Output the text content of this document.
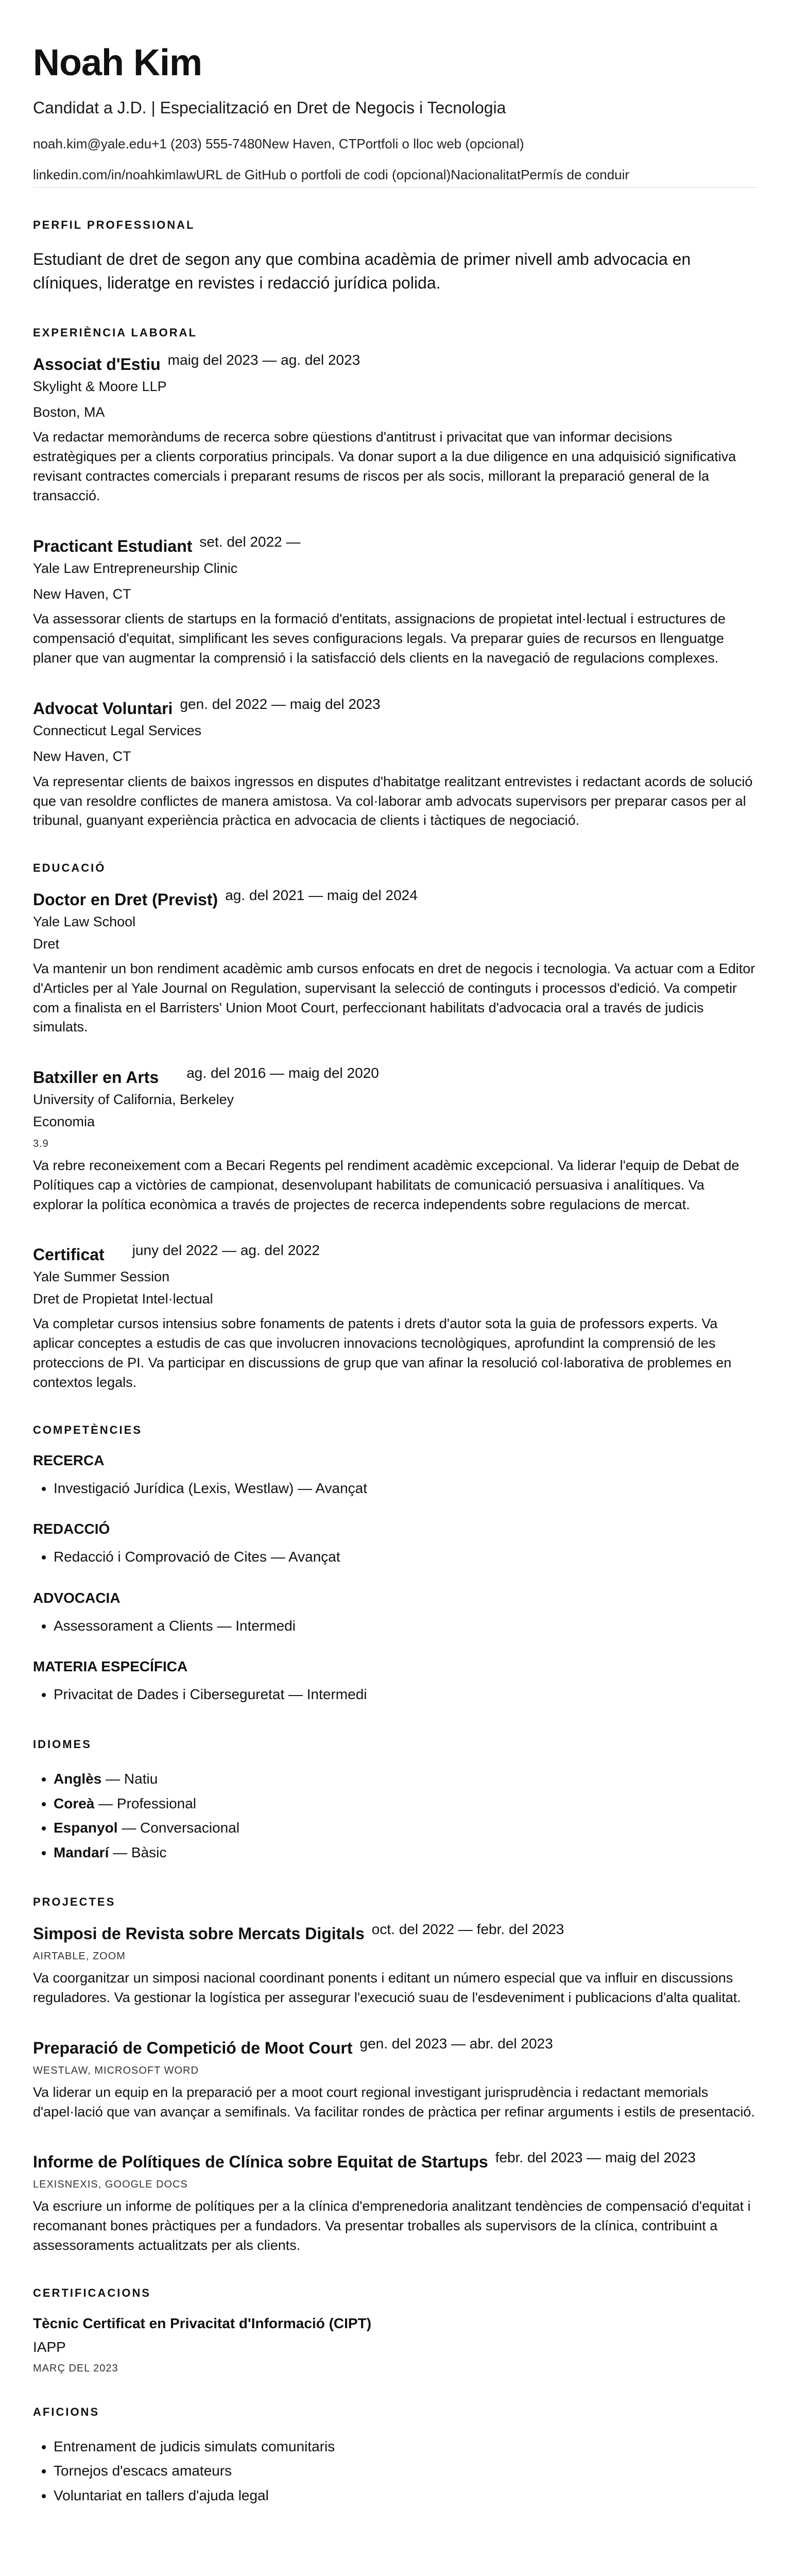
Noah Kim
Candidat a J.D. | Especialització en Dret de Negocis i Tecnologia
noah.kim@yale.edu +1 (203) 555-7480 New Haven, CT Portfoli o lloc web (opcional)
linkedin.com/in/noahkimlaw URL de GitHub o portfoli de codi (opcional) Nacionalitat Permís de conduir
PERFIL PROFESSIONAL

Estudiant de dret de segon any que combina acadèmia de primer nivell amb advocacia en clíniques, lideratge en revistes i redacció jurídica polida.

EXPERIÈNCIA LABORAL
Associat d'Estiu maig del 2023 — ag. del 2023
Skylight & Moore LLP
Boston, MA
Va redactar memoràndums de recerca sobre qüestions d'antitrust i privacitat que van informar decisions estratègiques per a clients corporatius principals. Va donar suport a la due diligence en una adquisició significativa revisant contractes comercials i preparant resums de riscos per als socis, millorant la preparació general de la transacció.
Practicant Estudiant set. del 2022 —
Yale Law Entrepreneurship Clinic
New Haven, CT
Va assessorar clients de startups en la formació d'entitats, assignacions de propietat intel·lectual i estructures de compensació d'equitat, simplificant les seves configuracions legals. Va preparar guies de recursos en llenguatge planer que van augmentar la comprensió i la satisfacció dels clients en la navegació de regulacions complexes.
Advocat Voluntari gen. del 2022 — maig del 2023
Connecticut Legal Services
New Haven, CT
Va representar clients de baixos ingressos en disputes d'habitatge realitzant entrevistes i redactant acords de solució que van resoldre conflictes de manera amistosa. Va col·laborar amb advocats supervisors per preparar casos per al tribunal, guanyant experiència pràctica en advocacia de clients i tàctiques de negociació.
EDUCACIÓ
Doctor en Dret (Previst) ag. del 2021 — maig del 2024
Yale Law School
Dret
Va mantenir un bon rendiment acadèmic amb cursos enfocats en dret de negocis i tecnologia. Va actuar com a Editor d'Articles per al Yale Journal on Regulation, supervisant la selecció de continguts i processos d'edició. Va competir com a finalista en el Barristers' Union Moot Court, perfeccionant habilitats d'advocacia oral a través de judicis simulats.
Batxiller en Arts ag. del 2016 — maig del 2020
University of California, Berkeley
Economia
3.9
Va rebre reconeixement com a Becari Regents pel rendiment acadèmic excepcional. Va liderar l'equip de Debat de Polítiques cap a victòries de campionat, desenvolupant habilitats de comunicació persuasiva i analítiques. Va explorar la política econòmica a través de projectes de recerca independents sobre regulacions de mercat.
Certificat juny del 2022 — ag. del 2022
Yale Summer Session
Dret de Propietat Intel·lectual
Va completar cursos intensius sobre fonaments de patents i drets d'autor sota la guia de professors experts. Va aplicar conceptes a estudis de cas que involucren innovacions tecnològiques, aprofundint la comprensió de les proteccions de PI. Va participar en discussions de grup que van afinar la resolució col·laborativa de problemes en contextos legals.
COMPETÈNCIES
RECERCA
• Investigació Jurídica (Lexis, Westlaw) — Avançat
REDACCIÓ
• Redacció i Comprovació de Cites — Avançat
ADVOCACIA
• Assessorament a Clients — Intermedi
MATERIA ESPECÍFICA
• Privacitat de Dades i Ciberseguretat — Intermedi
IDIOMES
• Anglès — Natiu
• Coreà — Professional
• Espanyol — Conversacional
• Mandarí — Bàsic
PROJECTES
Simposi de Revista sobre Mercats Digitals oct. del 2022 — febr. del 2023
AIRTABLE, ZOOM
Va coorganitzar un simposi nacional coordinant ponents i editant un número especial que va influir en discussions reguladores. Va gestionar la logística per assegurar l'execució suau de l'esdeveniment i publicacions d'alta qualitat.
Preparació de Competició de Moot Court gen. del 2023 — abr. del 2023
WESTLAW, MICROSOFT WORD
Va liderar un equip en la preparació per a moot court regional investigant jurisprudència i redactant memorials d'apel·lació que van avançar a semifinals. Va facilitar rondes de pràctica per refinar arguments i estils de presentació.
Informe de Polítiques de Clínica sobre Equitat de Startups febr. del 2023 — maig del 2023
LEXISNEXIS, GOOGLE DOCS
Va escriure un informe de polítiques per a la clínica d'emprenedoria analitzant tendències de compensació d'equitat i recomanant bones pràctiques per a fundadors. Va presentar troballes als supervisors de la clínica, contribuint a assessoraments actualitzats per als clients.
CERTIFICACIONS
Tècnic Certificat en Privacitat d'Informació (CIPT)
IAPP
MARÇ DEL 2023
AFICIONS
• Entrenament de judicis simulats comunitaris
• Tornejos d'escacs amateurs
• Voluntariat en tallers d'ajuda legal
